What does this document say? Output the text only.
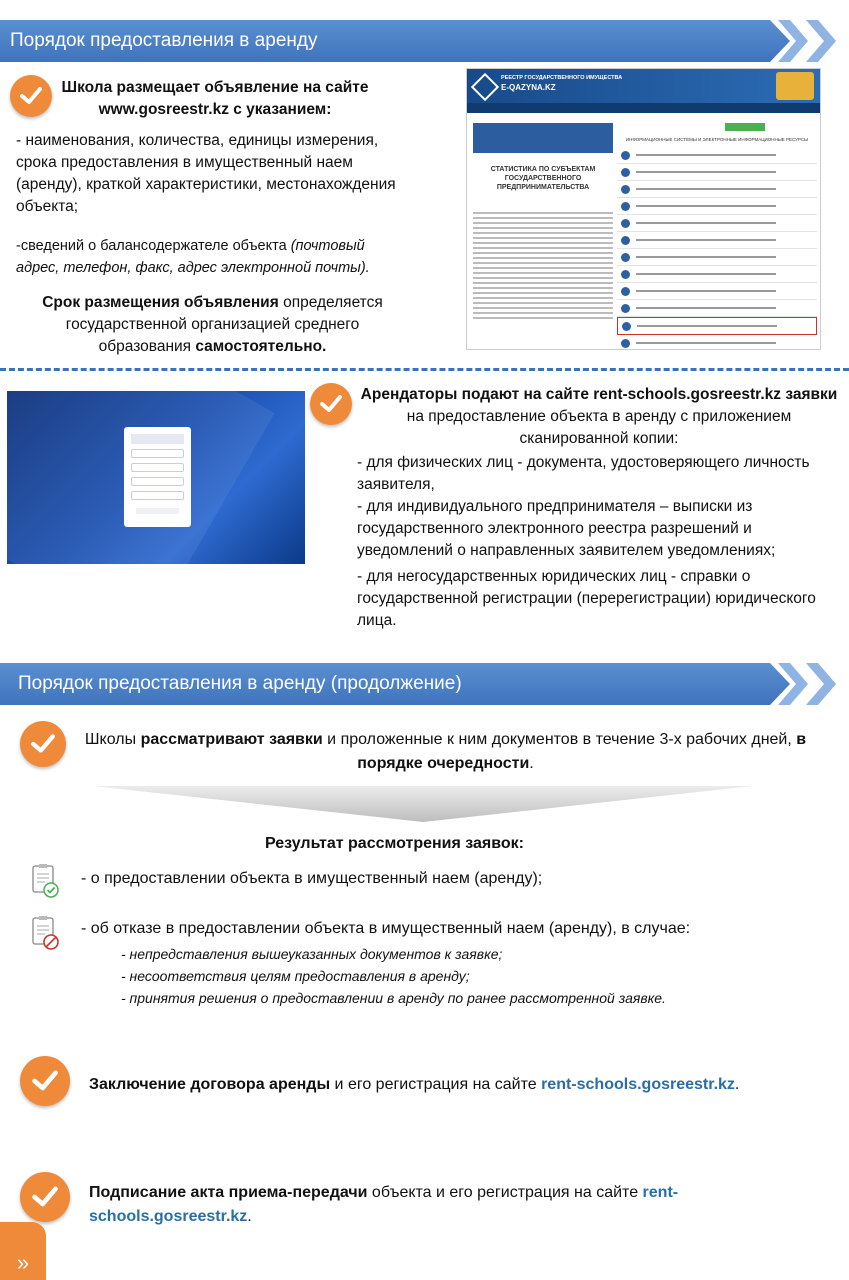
Порядок предоставления в аренду
Школа размещает объявление на сайте
www.gosreestr.kz с указанием:
- наименования, количества, единицы измерения, срока предоставления в имущественный наем (аренду), краткой характеристики, местонахождения объекта;
-сведений о балансодержателе объекта (почтовый адрес, телефон, факс, адрес электронной почты).
Срок размещения объявления определяется государственной организацией среднего образования самостоятельно.
РЕЕСТР ГОСУДАРСТВЕННОГО ИМУЩЕСТВА
E-QAZYNA.KZ
СТАТИСТИКА ПО СУБЪЕКТАМ ГОСУДАРСТВЕННОГО ПРЕДПРИНИМАТЕЛЬСТВА
ИНФОРМАЦИОННЫЕ СИСТЕМЫ И ЭЛЕКТРОННЫЕ ИНФОРМАЦИОННЫЕ РЕСУРСЫ
Арендаторы подают на сайте rent-schools.gosreestr.kz заявки
на предоставление объекта в аренду с приложением
сканированной копии:
- для физических лиц - документа, удостоверяющего личность заявителя,
- для индивидуального предпринимателя – выписки из государственного электронного реестра разрешений и уведомлений о направленных заявителем уведомлениях;
- для негосударственных юридических лиц - справки о государственной регистрации (перерегистрации) юридического лица.
Порядок предоставления в аренду (продолжение)
Школы рассматривают заявки и проложенные к ним документов в течение 3-х рабочих дней, в порядке очередности.
Результат рассмотрения заявок:
- о предоставлении объекта в имущественный наем (аренду);
- об отказе в предоставлении объекта в имущественный наем (аренду), в случае:
- непредставления вышеуказанных документов к заявке;
- несоответствия целям предоставления в аренду;
- принятия решения о предоставлении в аренду по ранее рассмотренной заявке.
Заключение договора аренды и его регистрация на сайте rent-schools.gosreestr.kz.
Подписание акта приема-передачи объекта и его регистрация на сайте rent-schools.gosreestr.kz.
»
